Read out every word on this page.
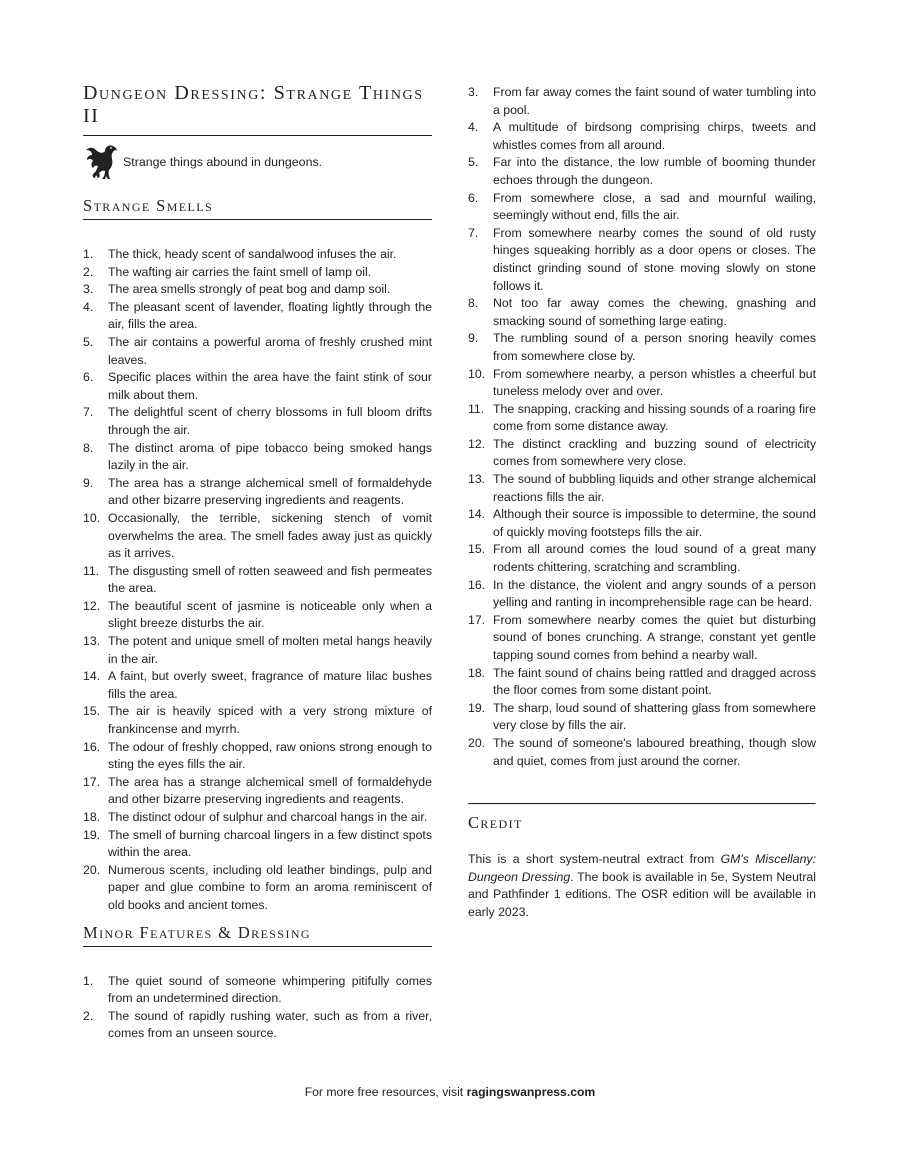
Dungeon Dressing: Strange Things II
Strange things abound in dungeons.
Strange Smells
1. The thick, heady scent of sandalwood infuses the air.
2. The wafting air carries the faint smell of lamp oil.
3. The area smells strongly of peat bog and damp soil.
4. The pleasant scent of lavender, floating lightly through the air, fills the area.
5. The air contains a powerful aroma of freshly crushed mint leaves.
6. Specific places within the area have the faint stink of sour milk about them.
7. The delightful scent of cherry blossoms in full bloom drifts through the air.
8. The distinct aroma of pipe tobacco being smoked hangs lazily in the air.
9. The area has a strange alchemical smell of formaldehyde and other bizarre preserving ingredients and reagents.
10. Occasionally, the terrible, sickening stench of vomit overwhelms the area. The smell fades away just as quickly as it arrives.
11. The disgusting smell of rotten seaweed and fish permeates the area.
12. The beautiful scent of jasmine is noticeable only when a slight breeze disturbs the air.
13. The potent and unique smell of molten metal hangs heavily in the air.
14. A faint, but overly sweet, fragrance of mature lilac bushes fills the area.
15. The air is heavily spiced with a very strong mixture of frankincense and myrrh.
16. The odour of freshly chopped, raw onions strong enough to sting the eyes fills the air.
17. The area has a strange alchemical smell of formaldehyde and other bizarre preserving ingredients and reagents.
18. The distinct odour of sulphur and charcoal hangs in the air.
19. The smell of burning charcoal lingers in a few distinct spots within the area.
20. Numerous scents, including old leather bindings, pulp and paper and glue combine to form an aroma reminiscent of old books and ancient tomes.
Minor Features & Dressing
1. The quiet sound of someone whimpering pitifully comes from an undetermined direction.
2. The sound of rapidly rushing water, such as from a river, comes from an unseen source.
3. From far away comes the faint sound of water tumbling into a pool.
4. A multitude of birdsong comprising chirps, tweets and whistles comes from all around.
5. Far into the distance, the low rumble of booming thunder echoes through the dungeon.
6. From somewhere close, a sad and mournful wailing, seemingly without end, fills the air.
7. From somewhere nearby comes the sound of old rusty hinges squeaking horribly as a door opens or closes. The distinct grinding sound of stone moving slowly on stone follows it.
8. Not too far away comes the chewing, gnashing and smacking sound of something large eating.
9. The rumbling sound of a person snoring heavily comes from somewhere close by.
10. From somewhere nearby, a person whistles a cheerful but tuneless melody over and over.
11. The snapping, cracking and hissing sounds of a roaring fire come from some distance away.
12. The distinct crackling and buzzing sound of electricity comes from somewhere very close.
13. The sound of bubbling liquids and other strange alchemical reactions fills the air.
14. Although their source is impossible to determine, the sound of quickly moving footsteps fills the air.
15. From all around comes the loud sound of a great many rodents chittering, scratching and scrambling.
16. In the distance, the violent and angry sounds of a person yelling and ranting in incomprehensible rage can be heard.
17. From somewhere nearby comes the quiet but disturbing sound of bones crunching. A strange, constant yet gentle tapping sound comes from behind a nearby wall.
18. The faint sound of chains being rattled and dragged across the floor comes from some distant point.
19. The sharp, loud sound of shattering glass from somewhere very close by fills the air.
20. The sound of someone's laboured breathing, though slow and quiet, comes from just around the corner.
Credit

This is a short system-neutral extract from GM's Miscellany: Dungeon Dressing. The book is available in 5e, System Neutral and Pathfinder 1 editions. The OSR edition will be available in early 2023.

For more free resources, visit ragingswanpress.com
